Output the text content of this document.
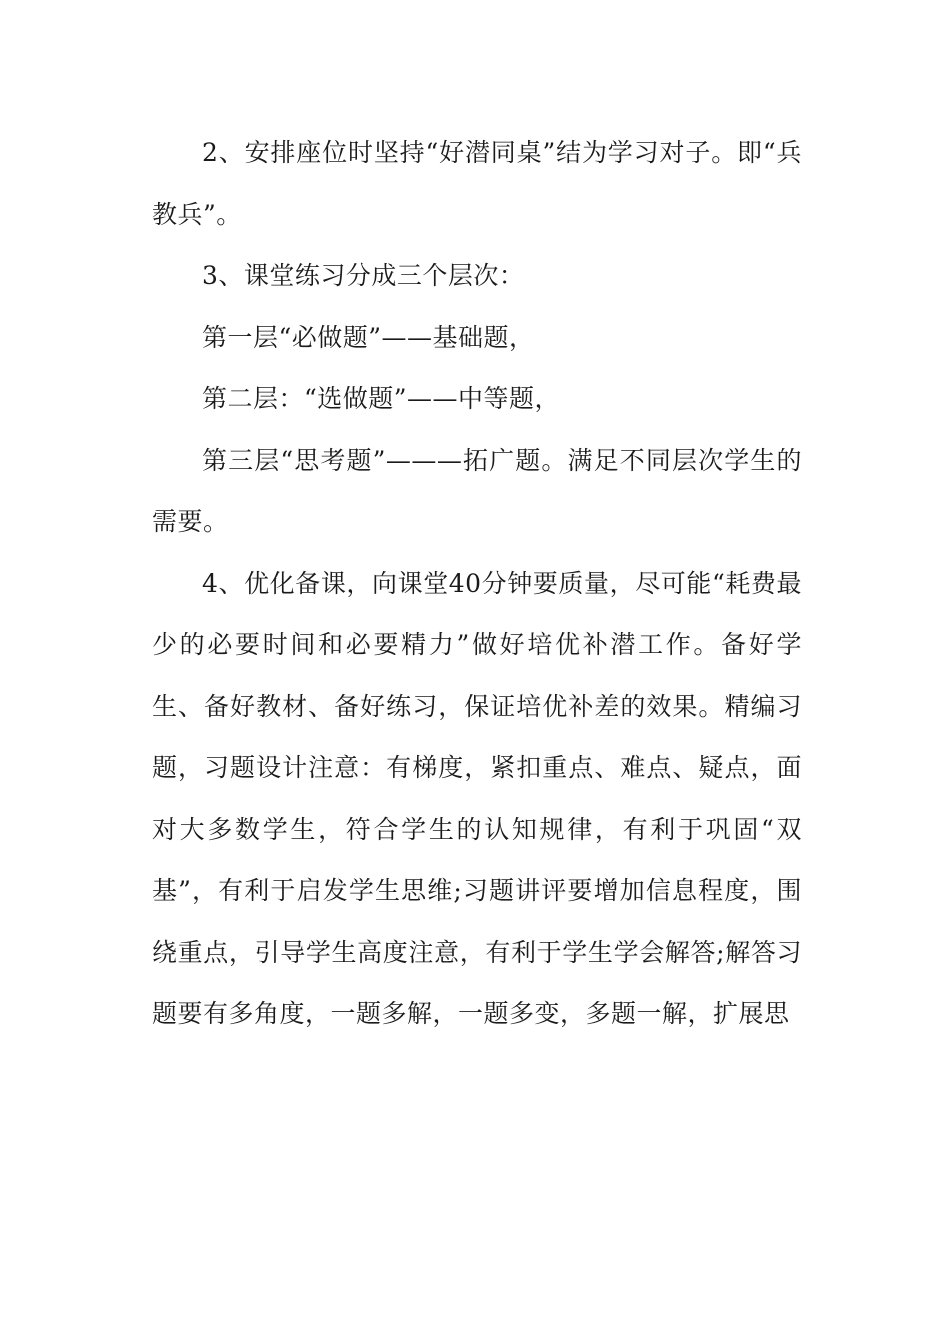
2、安排座位时坚持“好潜同桌”结为学习对子。即“兵教兵”。

3、课堂练习分成三个层次：

第一层“必做题”——基础题，

第二层：“选做题”——中等题，

第三层“思考题”———拓广题。满足不同层次学生的需要。

4、优化备课，向课堂40分钟要质量，尽可能“耗费最少的必要时间和必要精力”做好培优补潜工作。备好学生、备好教材、备好练习，保证培优补差的效果。精编习题，习题设计注意：有梯度，紧扣重点、难点、疑点，面对大多数学生，符合学生的认知规律，有利于巩固“双基”，有利于启发学生思维;习题讲评要增加信息程度，围绕重点，引导学生高度注意，有利于学生学会解答;解答习题要有多角度，一题多解，一题多变，多题一解，扩展思
